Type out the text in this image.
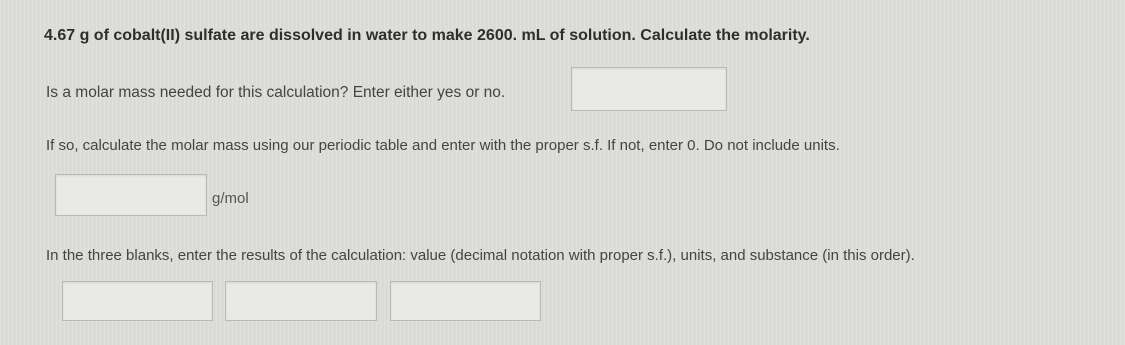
4.67 g of cobalt(II) sulfate are dissolved in water to make 2600. mL of solution. Calculate the molarity.
Is a molar mass needed for this calculation? Enter either yes or no.
If so, calculate the molar mass using our periodic table and enter with the proper s.f. If not, enter 0. Do not include units.
g/mol
In the three blanks, enter the results of the calculation: value (decimal notation with proper s.f.), units, and substance (in this order).
